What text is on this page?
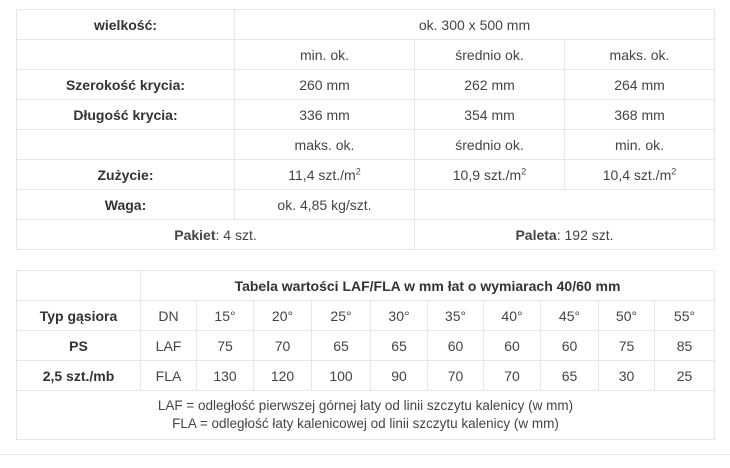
wielkość:	ok. 300 x 500 mm		
	min. ok.	średnio ok.	maks. ok.
Szerokość krycia:	260 mm	262 mm	264 mm
Długość krycia:	336 mm	354 mm	368 mm
	maks. ok.	średnio ok.	min. ok.
Zużycie:	11,4 $szt./m^2$	10,9 $szt./m^2$	10,4 $szt./m^2$
Waga:	ok. 4,85 kg/szt.		
Pakiet: 4 szt.		Paleta: 192 szt.	
	Tabela wartości LAF/FLA w mm łat o wymiarach 40/60 mm									
Typ gąsiora	DN	15°	20°	25°	30°	35°	40°	45°	50°	55°
PS	LAF	75	70	65	65	60	60	60	75	85
2,5 szt./mb	FLA	130	120	100	90	70	70	65	30	25

LAF = odległość pierwszej górnej łaty od linii szczytu kalenicy (w mm)
FLA = odległość łaty kalenicowej od linii szczytu kalenicy (w mm)										
